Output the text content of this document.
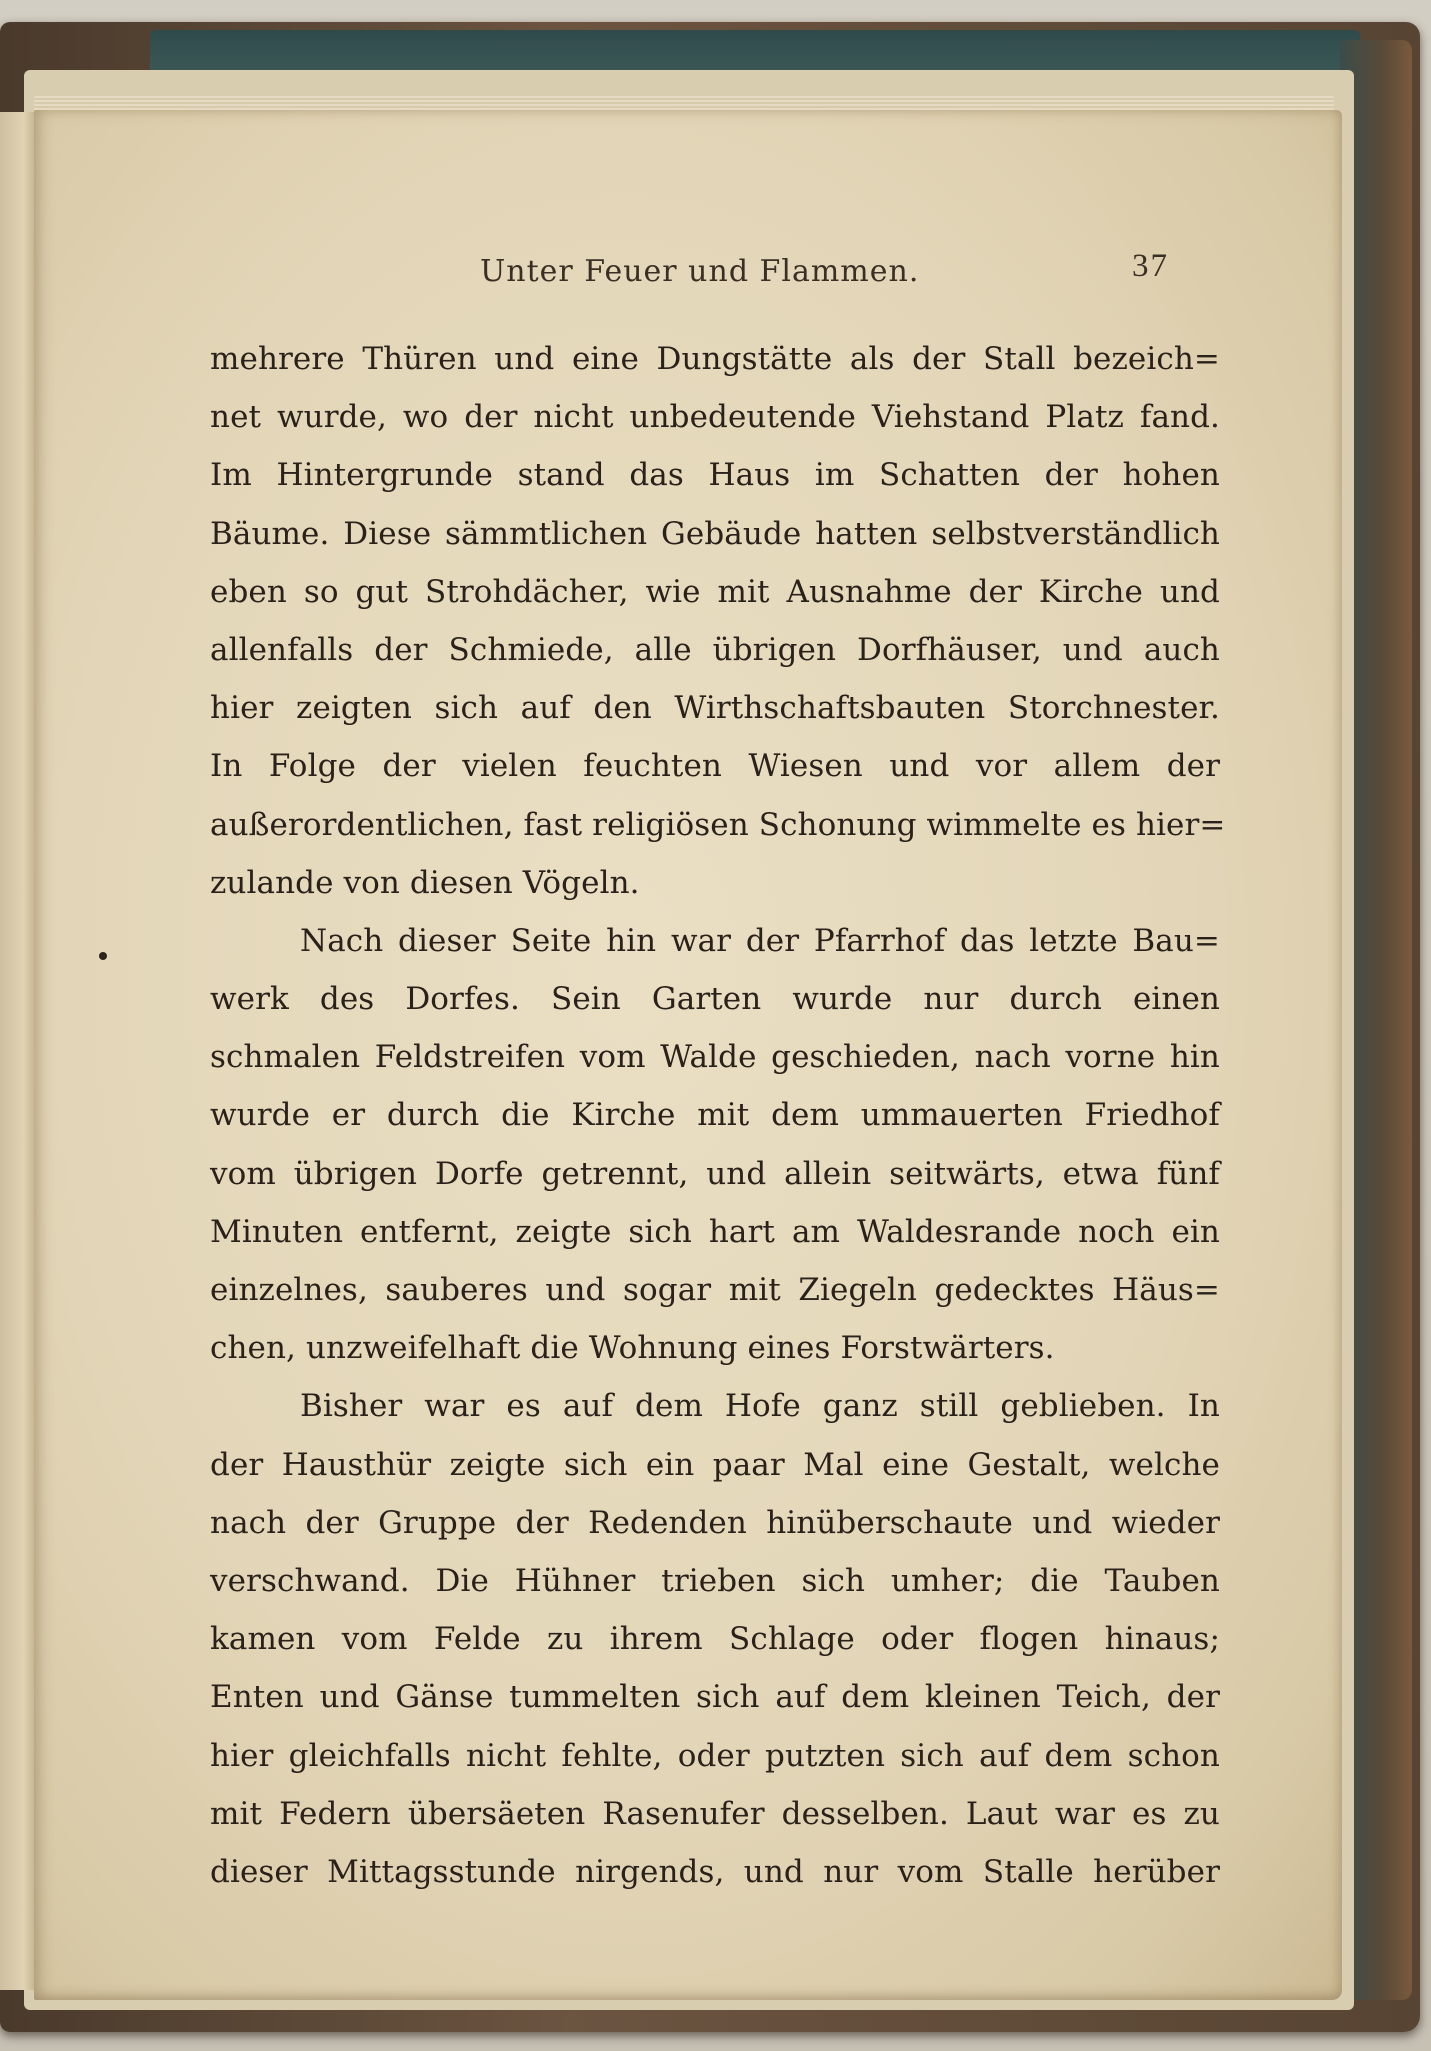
Unter Feuer und Flammen.	37
mehrere Thüren und eine Dungstätte als der Stall bezeich=
net wurde, wo der nicht unbedeutende Viehstand Platz fand.
Im Hintergrunde stand das Haus im Schatten der hohen
Bäume. Diese sämmtlichen Gebäude hatten selbstverständlich
eben so gut Strohdächer, wie mit Ausnahme der Kirche und
allenfalls der Schmiede, alle übrigen Dorfhäuser, und auch
hier zeigten sich auf den Wirthschaftsbauten Storchnester.
In Folge der vielen feuchten Wiesen und vor allem der
außerordentlichen, fast religiösen Schonung wimmelte es hier=
zulande von diesen Vögeln.
Nach dieser Seite hin war der Pfarrhof das letzte Bau=
werk des Dorfes. Sein Garten wurde nur durch einen
schmalen Feldstreifen vom Walde geschieden, nach vorne hin
wurde er durch die Kirche mit dem ummauerten Friedhof
vom übrigen Dorfe getrennt, und allein seitwärts, etwa fünf
Minuten entfernt, zeigte sich hart am Waldesrande noch ein
einzelnes, sauberes und sogar mit Ziegeln gedecktes Häus=
chen, unzweifelhaft die Wohnung eines Forstwärters.
Bisher war es auf dem Hofe ganz still geblieben. In
der Hausthür zeigte sich ein paar Mal eine Gestalt, welche
nach der Gruppe der Redenden hinüberschaute und wieder
verschwand. Die Hühner trieben sich umher; die Tauben
kamen vom Felde zu ihrem Schlage oder flogen hinaus;
Enten und Gänse tummelten sich auf dem kleinen Teich, der
hier gleichfalls nicht fehlte, oder putzten sich auf dem schon
mit Federn übersäeten Rasenufer desselben. Laut war es zu
dieser Mittagsstunde nirgends, und nur vom Stalle herüber
